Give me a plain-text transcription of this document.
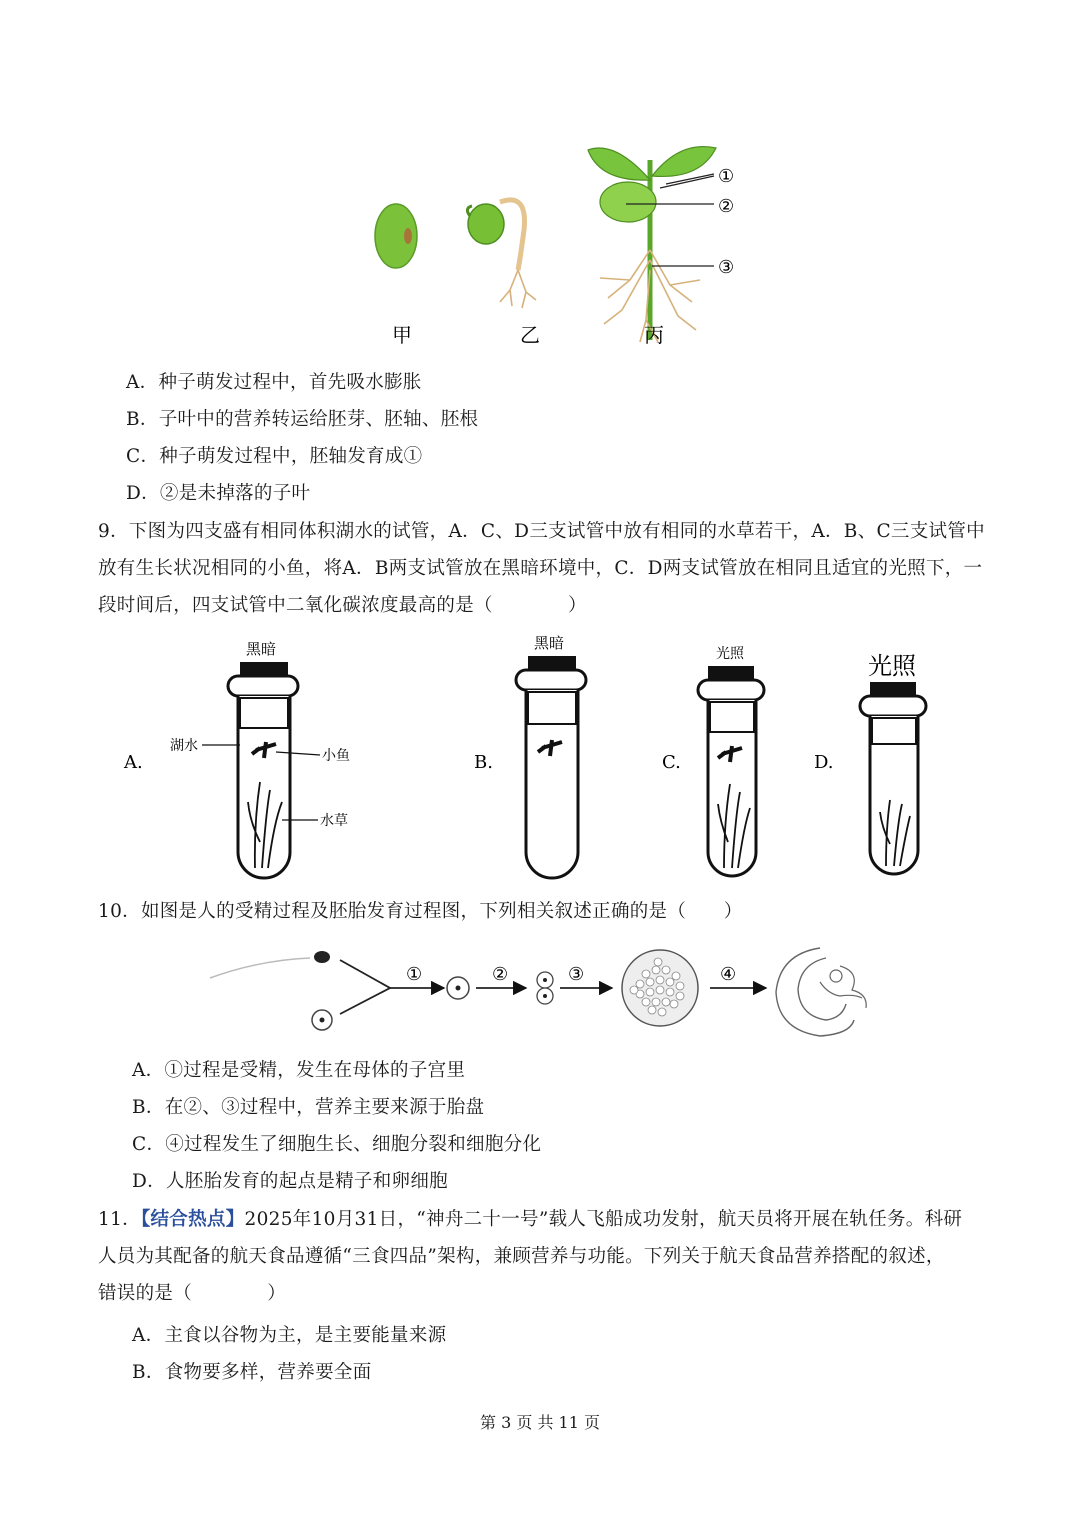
①
②
③
甲	乙	丙
A．种子萌发过程中，首先吸水膨胀
B．子叶中的营养转运给胚芽、胚轴、胚根
C．种子萌发过程中，胚轴发育成①
D．②是未掉落的子叶
9．下图为四支盛有相同体积湖水的试管，A．C、D三支试管中放有相同的水草若干，A．B、C三支试管中
放有生长状况相同的小鱼，将A．B两支试管放在黑暗环境中，C．D两支试管放在相同且适宜的光照下，一
段时间后，四支试管中二氧化碳浓度最高的是（　　　　）
A.
黑暗
湖水
小鱼
水草
B.
黑暗
C.
光照
D.
光照
10．如图是人的受精过程及胚胎发育过程图，下列相关叙述正确的是（　　）
①	②	③	④
A．①过程是受精，发生在母体的子宫里
B．在②、③过程中，营养主要来源于胎盘
C．④过程发生了细胞生长、细胞分裂和细胞分化
D．人胚胎发育的起点是精子和卵细胞
11．【结合热点】2025年10月31日，“神舟二十一号”载人飞船成功发射，航天员将开展在轨任务。科研
人员为其配备的航天食品遵循“三食四品”架构，兼顾营养与功能。下列关于航天食品营养搭配的叙述，
错误的是（　　　　）
A．主食以谷物为主，是主要能量来源
B．食物要多样，营养要全面
第 3 页 共 11 页
